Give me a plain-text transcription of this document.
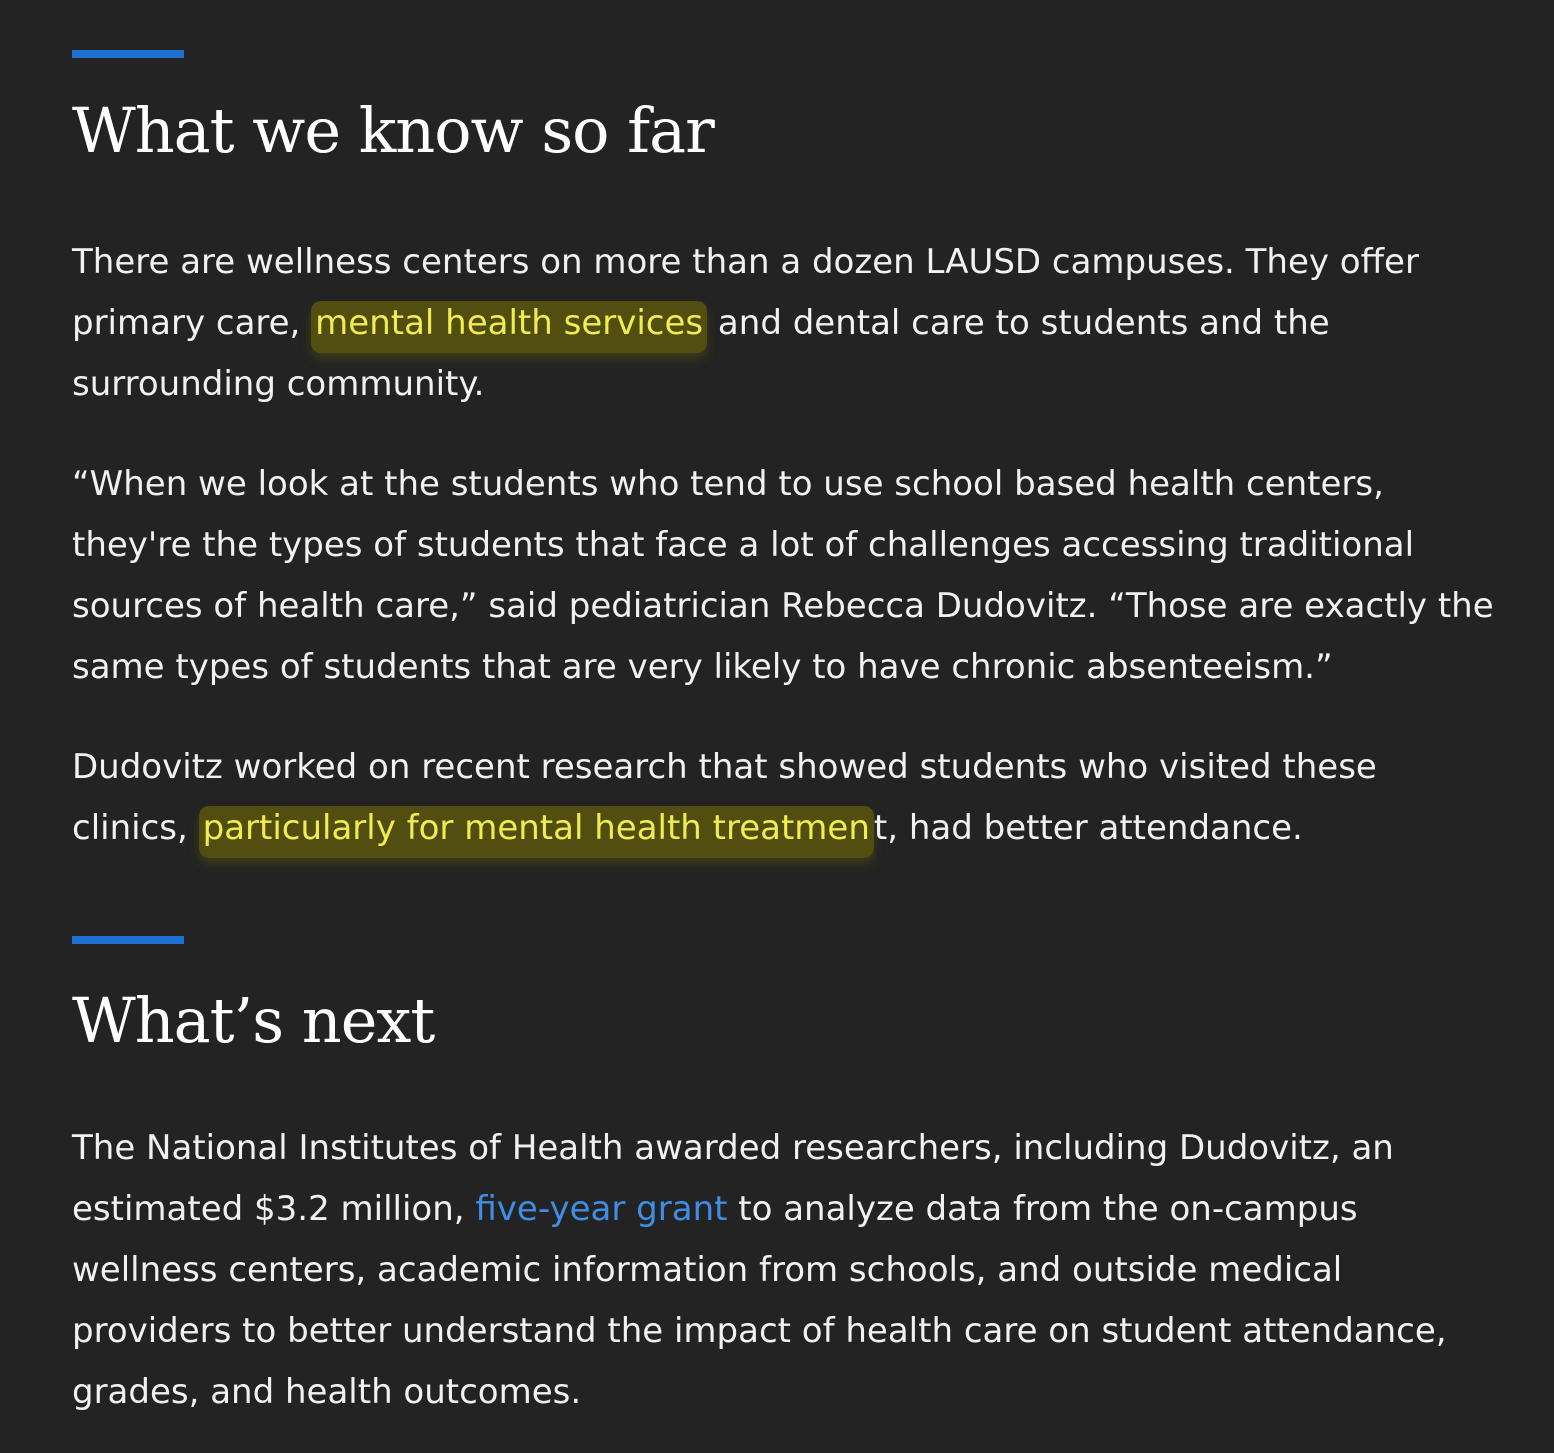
What we know so far

There are wellness centers on more than a dozen LAUSD campuses. They offer
primary care, mental health services and dental care to students and the
surrounding community.

“When we look at the students who tend to use school based health centers,
they're the types of students that face a lot of challenges accessing traditional
sources of health care,” said pediatrician Rebecca Dudovitz. “Those are exactly the
same types of students that are very likely to have chronic absenteeism.”

Dudovitz worked on recent research that showed students who visited these
clinics, particularly for mental health treatmen t, had better attendance.

What’s next

The National Institutes of Health awarded researchers, including Dudovitz, an
estimated $3.2 million, five-year grant to analyze data from the on-campus
wellness centers, academic information from schools, and outside medical
providers to better understand the impact of health care on student attendance,
grades, and health outcomes.
